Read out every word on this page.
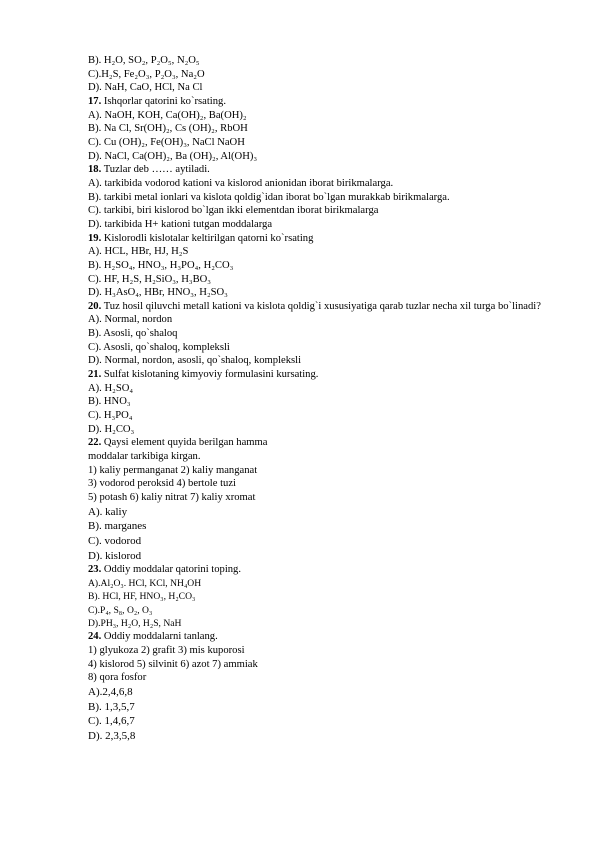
B). H₂O, SO₂, P₂O₅, N₂O₅
C).H₂S, Fe₂O₃, P₂O₃, Na₂O
D). NaH, CaO, HCl, Na Cl
17. Ishqorlar qatorini ko`rsating.
A). NaOH, KOH, Ca(OH)₂, Ba(OH)₂
B). Na Cl, Sr(OH)₂, Cs (OH)₂, RbOH
C). Cu (OH)₂, Fe(OH)₃, NaCl NaOH
D). NaCl, Ca(OH)₂, Ba (OH)₂, Al(OH)₃
18. Tuzlar deb …… aytiladi.
A). tarkibida vodorod kationi va kislorod anionidan iborat birikmalarga.
B). tarkibi metal ionlari va kislota qoldig`idan iborat bo`lgan murakkab birikmalarga.
C). tarkibi, biri kislorod bo`lgan ikki elementdan iborat birikmalarga
D). tarkibida H+ kationi tutgan moddalarga
19. Kislorodli kislotalar keltirilgan qatorni ko`rsating
A). HCL, HBr, HJ, H₂S
B). H₂SO₄, HNO₃, H₃PO₄, H₂CO₃
C). HF, H₂S, H₂SiO₃, H₃BO₃
D). H₃AsO₄, HBr, HNO₃, H₂SO₃
20. Tuz hosil qiluvchi metall kationi va kislota qoldig`i xususiyatiga qarab tuzlar necha xil turga bo`linadi?
A). Normal, nordon
B). Asosli, qo`shaloq
C). Asosli, qo`shaloq, kompleksli
D). Normal, nordon, asosli, qo`shaloq, kompleksli
21. Sulfat kislotaning kimyoviy formulasini kursating.
A). H₂SO₄
B). HNO₃
C). H₃PO₄
D). H₂CO₃
22. Qaysi element quyida berilgan hamma
moddalar tarkibiga kirgan.
1) kaliy permanganat 2) kaliy manganat
3) vodorod peroksid 4) bertole tuzi
5) potash 6) kaliy nitrat 7) kaliy xromat
A). kaliy
B). marganes
C). vodorod
D). kislorod
23. Oddiy moddalar qatorini toping.
A).Al₂O₃. HCl, KCl, NH₄OH
B). HCl, HF, HNO₃, H₂CO₃
C).P₄, S₈, O₂, O₃
D).PH₃, H₂O, H₂S, NaH
24. Oddiy moddalarni tanlang.
1) glyukoza 2) grafit 3) mis kuporosi
4) kislorod 5) silvinit 6) azot 7) ammiak
8) qora fosfor
A).2,4,6,8
B). 1,3,5,7
C). 1,4,6,7
D). 2,3,5,8
